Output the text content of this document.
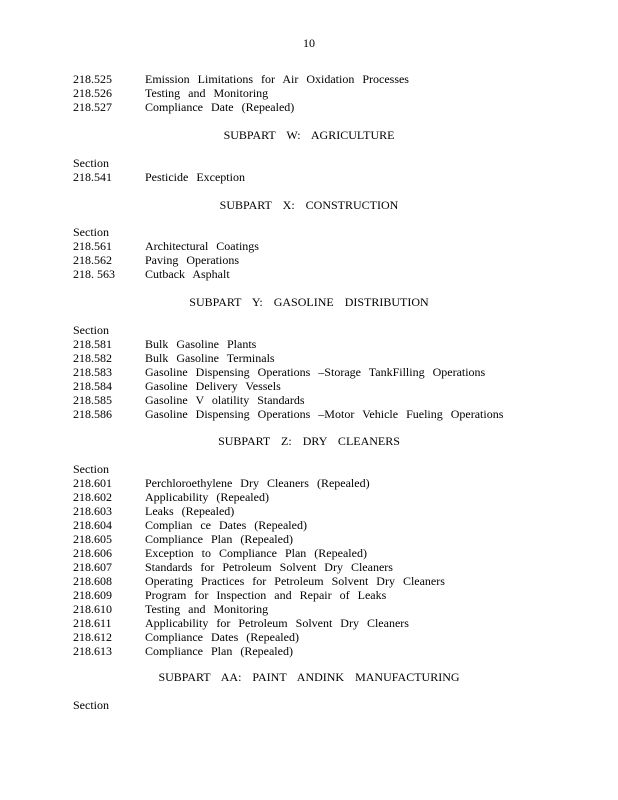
10
218.525	Emission Limitations for Air Oxidation Processes
218.526	Testing and Monitoring
218.527	Compliance Date (Repealed)
SUBPART W: AGRICULTURE
Section
218.541	Pesticide Exception
SUBPART X: CONSTRUCTION
Section
218.561	Architectural Coatings
218.562	Paving Operations
218. 563	Cutback Asphalt
SUBPART Y: GASOLINE DISTRIBUTION
Section
218.581	Bulk Gasoline Plants
218.582	Bulk Gasoline Terminals
218.583	Gasoline Dispensing Operations –Storage TankFilling Operations
218.584	Gasoline Delivery Vessels
218.585	Gasoline V olatility Standards
218.586	Gasoline Dispensing Operations –Motor Vehicle Fueling Operations
SUBPART Z: DRY CLEANERS
Section
218.601	Perchloroethylene Dry Cleaners (Repealed)
218.602	Applicability (Repealed)
218.603	Leaks (Repealed)
218.604	Complian ce Dates (Repealed)
218.605	Compliance Plan (Repealed)
218.606	Exception to Compliance Plan (Repealed)
218.607	Standards for Petroleum Solvent Dry Cleaners
218.608	Operating Practices for Petroleum Solvent Dry Cleaners
218.609	Program for Inspection and Repair of Leaks
218.610	Testing and Monitoring
218.611	Applicability for Petroleum Solvent Dry Cleaners
218.612	Compliance Dates (Repealed)
218.613	Compliance Plan (Repealed)
SUBPART AA: PAINT ANDINK MANUFACTURING
Section
